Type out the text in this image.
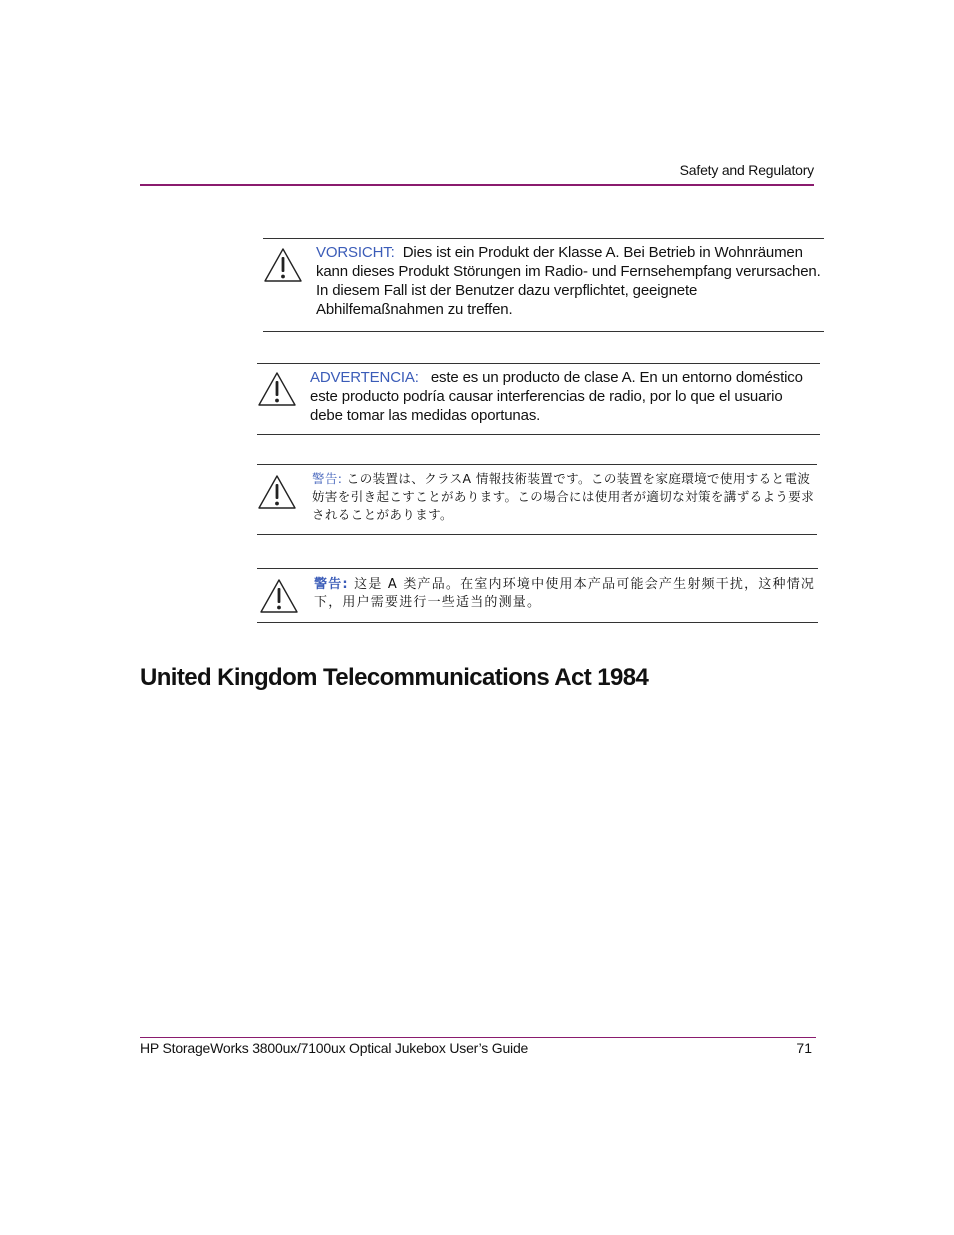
Safety and Regulatory
VORSICHT: Dies ist ein Produkt der Klasse A. Bei Betrieb in Wohnräumen kann dieses Produkt Störungen im Radio- und Fernsehempfang verursachen. In diesem Fall ist der Benutzer dazu verpflichtet, geeignete Abhilfemaßnahmen zu treffen.
ADVERTENCIA: este es un producto de clase A. En un entorno doméstico este producto podría causar interferencias de radio, por lo que el usuario debe tomar las medidas oportunas.
警告: この装置は、クラスA 情報技術装置です。この装置を家庭環境で使用すると電波妨害を引き起こすことがあります。この場合には使用者が適切な対策を講ずるよう要求されることがあります。
警告: 这是 A 类产品。在室内环境中使用本产品可能会产生射频干扰，这种情况下，用户需要进行一些适当的测量。
United Kingdom Telecommunications Act 1984
HP StorageWorks 3800ux/7100ux Optical Jukebox User’s Guide	71
